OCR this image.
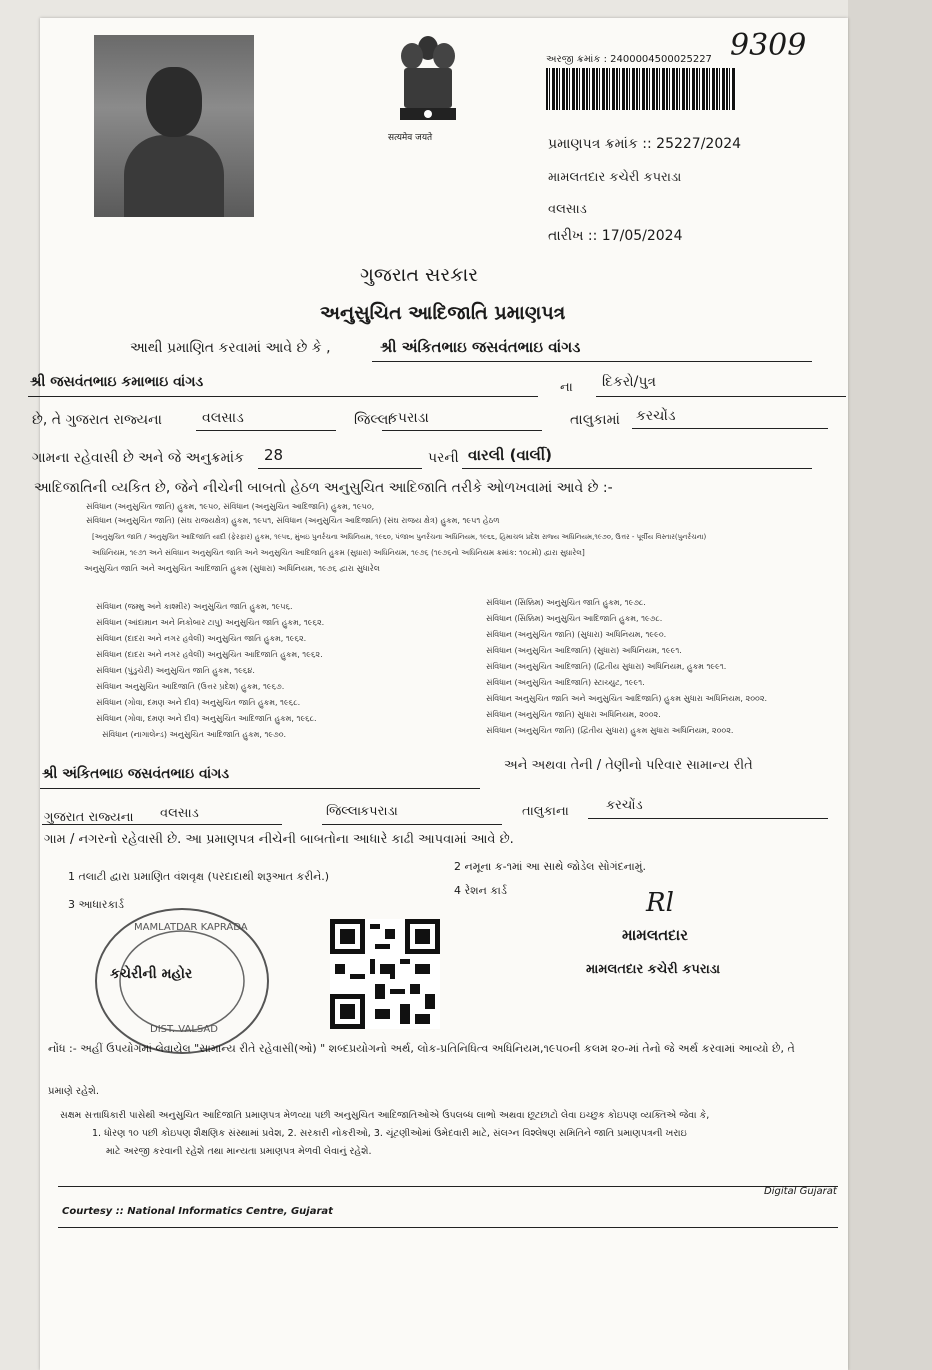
सत्यमेव जयते
અરજી ક્રમાંક : 2400004500025227 9309
પ્રમાણપત્ર ક્રમાંક :: 25227/2024
મામલતદાર કચેરી કપરાડા
વલસાડ
તારીખ :: 17/05/2024
ગુજરાત સરકાર
અનુસુચિત આદિજાતિ પ્રમાણપત્ર
આથી પ્રમાણિત કરવામાં આવે છે કે ,	શ્રી અંકિતભાઇ જસવંતભાઇ વાંગડ
શ્રી જસવંતભાઇ કમાભાઇ વાંગડ	ના દિકરો/પુત્ર
છે, તે ગુજરાત રાજ્યના	વલસાડ	જિલ્લા
કપરાડા	તાલુકામાં કરચોંડ
ગામના રહેવાસી છે અને જે અનુક્રમાંક 28	પરની વારલી (વાર્લી)
આદિજાતિની વ્યકિત છે, જેને નીચેની બાબતો હેઠળ અનુસુચિત આદિજાતિ તરીકે ઓળખવામાં આવે છે :-
સંવિધાન (અનુસુચિત જાતિ) હુકમ, ૧૯૫૦, સંવિધાન (અનુસુચિત આદિજાતિ) હુકમ, ૧૯૫૦,
સંવિધાન (અનુસુચિત જાતિ) (સંઘ રાજયક્ષેત્ર) હુકમ, ૧૯૫૧, સંવિધાન (અનુસુચિત આદિજાતિ) (સંઘ રાજય ક્ષેત્ર) હુકમ, ૧૯૫૧ હેઠળ
[અનુસુચિત જાતિ / અનુસુચિત આદિજાતિ યાદી (ફેરફાર) હુકમ, ૧૯૫૬, મુંબઇ પુનર્રચના અધિનિયમ, ૧૯૬૦, પંજાબ પુનર્રચના અધિનિયમ, ૧૯૬૬, હિમાચલ પ્રદેશ રાજ્ય અધિનિયમ,૧૯૭૦, ઉત્તર - પૂર્વીય વિસ્તાર(પુનર્રચના)
અધિનિયમ, ૧૯૭૧ અને સંવિધાન અનુસુચિત જાતિ અને અનુસુચિત આદિજાતિ હુકમ (સુધારા) અધિનિયમ, ૧૯૭૬ (૧૯૭૬નો અધિનિયમ ક્રમાંક: ૧૦૮મો) દ્વારા સુધારેલ]
અનુસુચિત જાતિ અને અનુસુચિત આદિજાતિ હુકમ (સુધારા) અધિનિયમ, ૧૯૭૬ દ્વારા સુધારેલ
સંવિધાન (જમ્મુ અને કાશ્મીર) અનુસુચિત જાતિ હુકમ, ૧૯૫૬.
સંવિધાન (આંદામાન અને નિકોબાર ટાપુ) અનુસુચિત જાતિ હુકમ, ૧૯૬૨.
સંવિધાન (દાદરા અને નગર હવેલી) અનુસુચિત જાતિ હુકમ, ૧૯૬૨.
સંવિધાન (દાદરા અને નગર હવેલી) અનુસુચિત આદિજાતિ હુકમ, ૧૯૬૨.
સંવિધાન (પુંડુચેરી) અનુસુચિત જાતિ હુકમ, ૧૯૬૪.
સંવિધાન અનુસુચિત આદિજાતિ (ઉત્તર પ્રદેશ) હુકમ, ૧૯૬૭.
સંવિધાન (ગોવા, દમણ અને દીવ) અનુસુચિત જાતિ હુકમ, ૧૯૬૮.
સંવિધાન (ગોવા, દમણ અને દીવ) અનુસુચિત આદિજાતિ હુકમ, ૧૯૬૮.
સંવિધાન (નાગાલેન્ડ) અનુસુચિત આદિજાતિ હુકમ, ૧૯૭૦.
સંવિધાન (સિક્કિમ) અનુસુચિત જાતિ હુકમ, ૧૯૭૮.
સંવિધાન (સિક્કિમ) અનુસુચિત આદિજાતિ હુકમ, ૧૯૭૮.
સંવિધાન (અનુસુચિત જાતિ) (સુધારા) અધિનિયમ, ૧૯૯૦.
સંવિધાન (અનુસુચિત આદિજાતિ) (સુધારા) અધિનિયમ, ૧૯૯૧.
સંવિધાન (અનુસુચિત આદિજાતિ) (દ્વિતીય સુધારા) અધિનિયમ, હુકમ ૧૯૯૧.
સંવિધાન (અનુસુચિત આદિજાતિ) સ્ટાચ્યુટ, ૧૯૯૧.
સંવિધાન અનુસુચિત જાતિ અને અનુસુચિત આદિજાતિ) હુકમ સુધારા અધિનિયમ, ૨૦૦૨.
સંવિધાન (અનુસુચિત જાતિ) સુધારા અધિનિયમ, ૨૦૦૨.
સંવિધાન (અનુસુચિત જાતિ) (દ્વિતીય સુધારા) હુકમ સુધારા અધિનિયમ, ૨૦૦૨.
શ્રી અંકિતભાઇ જસવંતભાઇ વાંગડ
અને અથવા તેની / તેણીનો પરિવાર સામાન્ય રીતે
ગુજરાત રાજ્યના વલસાડ	જિલ્લા
કપરાડા	તાલુકાના	કરચોંડ
ગામ / નગરનો રહેવાસી છે. આ પ્રમાણપત્ર નીચેની બાબતોના આધારે કાઢી આપવામાં આવે છે.
1 તલાટી દ્વારા પ્રમાણિત વંશવૃક્ષ (પરદાદાથી શરૂઆત કરીને.)
2 નમૂના ક-૧માં આ સાથે જોડેલ સોગંદનામું.
3 આધારકાર્ડ
4 રેશન કાર્ડ
MAMLATDAR KAPRADA
કચેરીની મહોર
DIST. VALSAD
Rl
મામલતદાર
મામલતદાર કચેરી કપરાડા
નોંધ :- અહીં ઉપયોગમાં લેવાયેલ "સામાન્ય રીતે રહેવાસી(ઓ) " શબ્દપ્રયોગનો અર્થ, લોક-પ્રતિનિધિત્વ અધિનિયમ,૧૯૫૦ની કલમ ૨૦-માં તેનો જે અર્થ કરવામાં આવ્યો છે, તે
પ્રમાણે રહેશે.
સક્ષમ સત્તાધિકારી પાસેથી અનુસુચિત આદિજાતિ પ્રમાણપત્ર મેળવ્યા પછી અનુસુચિત આદિજાતિઓએ ઉપલબ્ધ લાભો અથવા છૂટછાટો લેવા ઇચ્છુક કોઇપણ વ્યક્તિએ જેવા કે,
1. ધોરણ ૧૦ પછી કોઇપણ શૈક્ષણિક સંસ્થામાં પ્રવેશ, 2. સરકારી નોકરીઓ, 3. ચૂંટણીઓમાં ઉમેદવારી માટે, સંલગ્ન વિશ્લેષણ સમિતિને જાતિ પ્રમાણપત્રની ખરાઇ
માટે અરજી કરવાની રહેશે તથા માન્યતા પ્રમાણપત્ર મેળવી લેવાનું રહેશે.
Courtesy :: National Informatics Centre, Gujarat
Digital Gujarat
